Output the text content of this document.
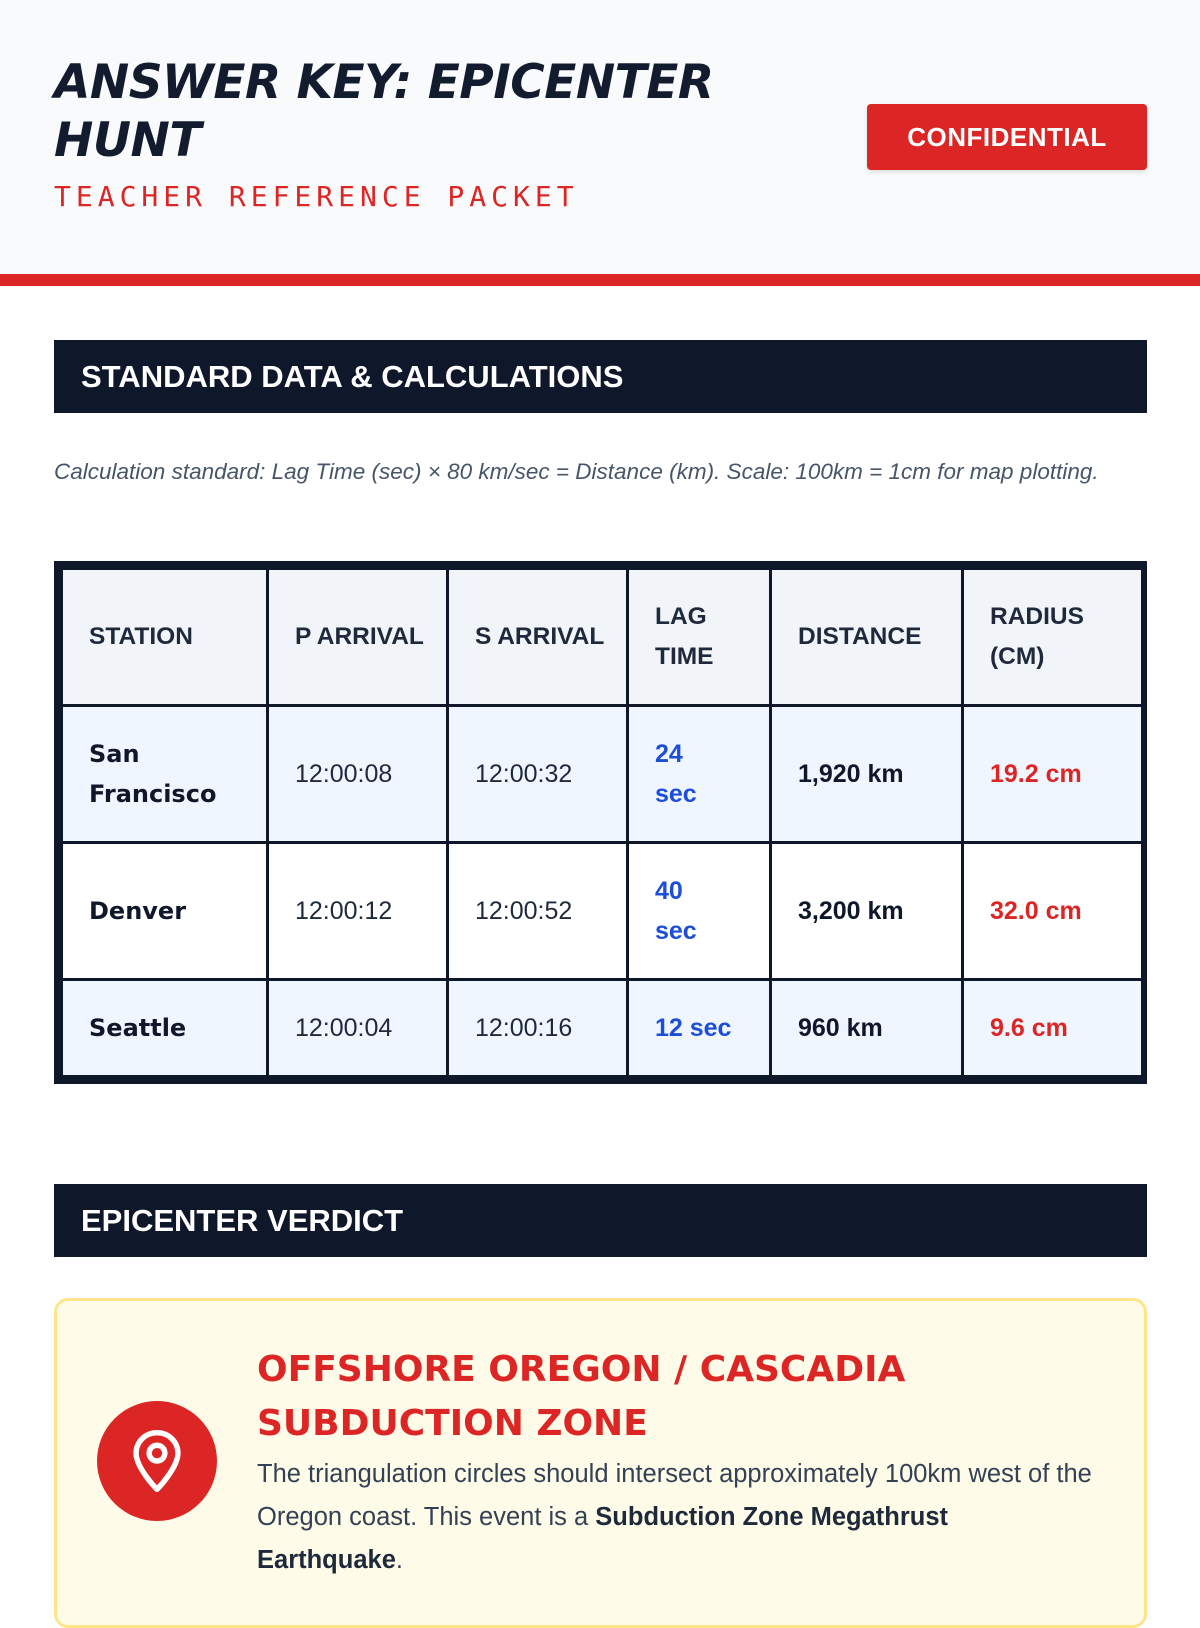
ANSWER KEY: EPICENTER HUNT
TEACHER REFERENCE PACKET
CONFIDENTIAL
STANDARD DATA & CALCULATIONS
Calculation standard: Lag Time (sec) × 80 km/sec = Distance (km). Scale: 100km = 1cm for map plotting.
STATION	P ARRIVAL	S ARRIVAL	LAG TIME	DISTANCE	RADIUS (CM)
San Francisco	12:00:08	12:00:32	24 sec	1,920 km	19.2 cm
Denver	12:00:12	12:00:52	40 sec	3,200 km	32.0 cm
Seattle	12:00:04	12:00:16	12 sec	960 km	9.6 cm
EPICENTER VERDICT
OFFSHORE OREGON / CASCADIA SUBDUCTION ZONE
The triangulation circles should intersect approximately 100km west of the Oregon coast. This event is a Subduction Zone Megathrust Earthquake.
